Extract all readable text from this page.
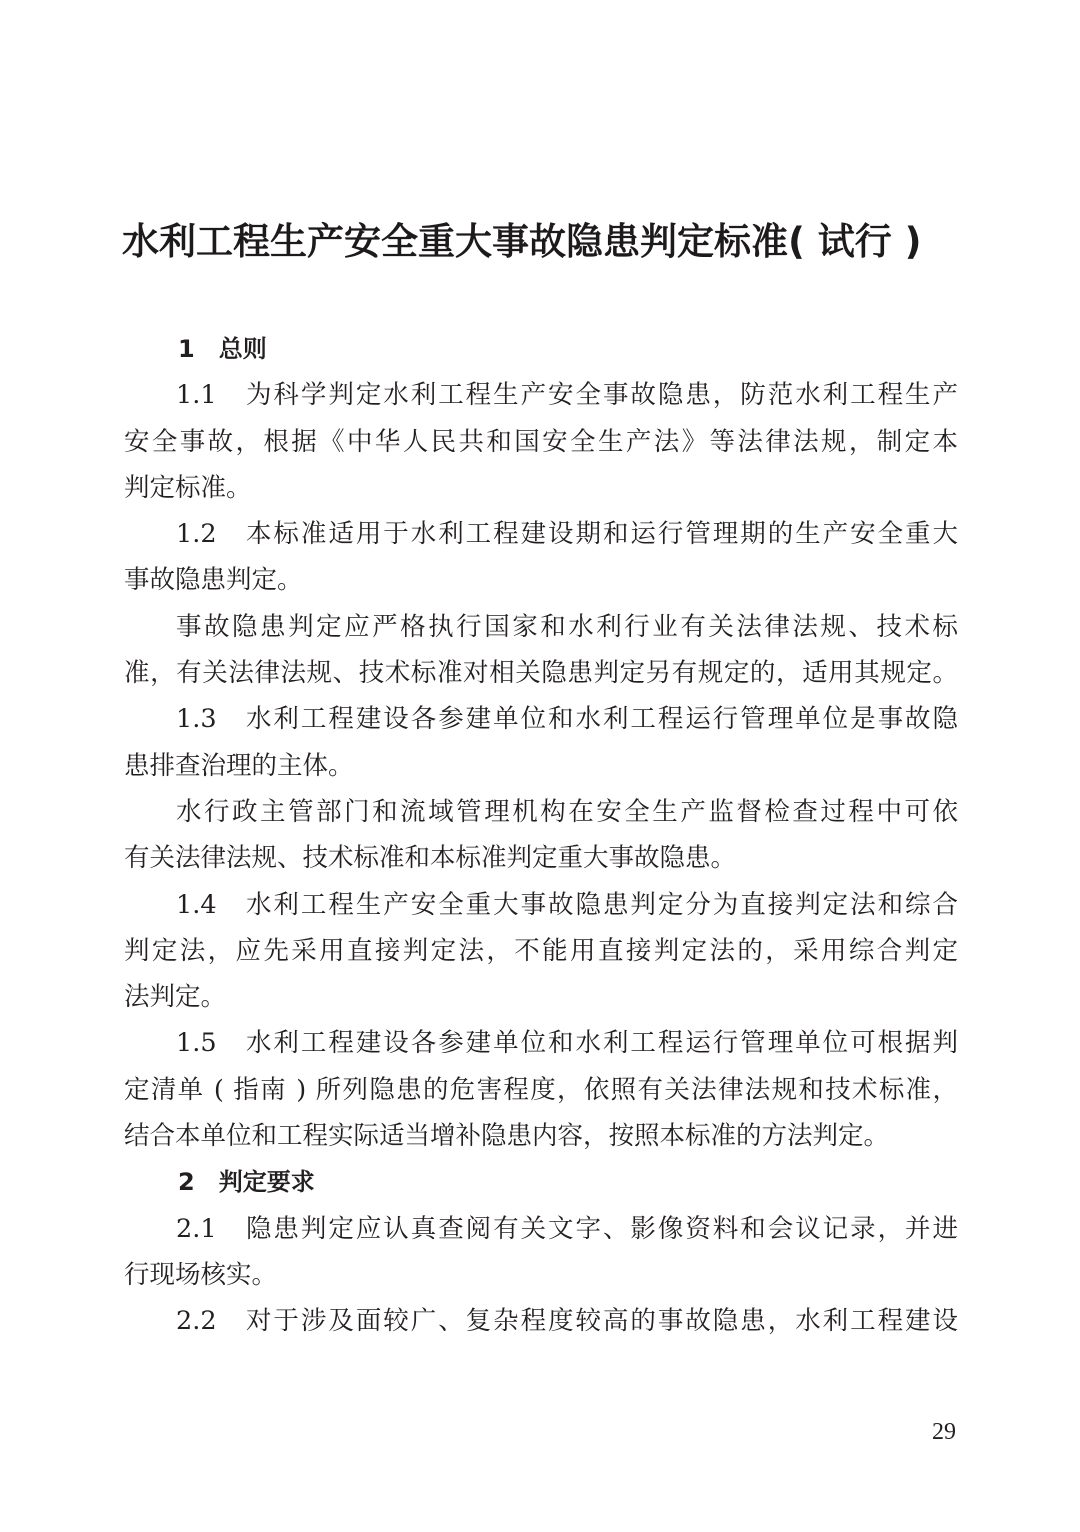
水利工程生产安全重大事故隐患判定标准( 试行 )
1　总则
1.1　为科学判定水利工程生产安全事故隐患，防范水利工程生产
安全事故，根据《中华人民共和国安全生产法》等法律法规，制定本
判定标准。
1.2　本标准适用于水利工程建设期和运行管理期的生产安全重大
事故隐患判定。
事故隐患判定应严格执行国家和水利行业有关法律法规、技术标
准，有关法律法规、技术标准对相关隐患判定另有规定的，适用其规定。
1.3　水利工程建设各参建单位和水利工程运行管理单位是事故隐
患排查治理的主体。
水行政主管部门和流域管理机构在安全生产监督检查过程中可依
有关法律法规、技术标准和本标准判定重大事故隐患。
1.4　水利工程生产安全重大事故隐患判定分为直接判定法和综合
判定法，应先采用直接判定法，不能用直接判定法的，采用综合判定
法判定。
1.5　水利工程建设各参建单位和水利工程运行管理单位可根据判
定清单 ( 指南 ) 所列隐患的危害程度，依照有关法律法规和技术标准，
结合本单位和工程实际适当增补隐患内容，按照本标准的方法判定。
2　判定要求
2.1　隐患判定应认真查阅有关文字、影像资料和会议记录，并进
行现场核实。
2.2　对于涉及面较广、复杂程度较高的事故隐患，水利工程建设
29
